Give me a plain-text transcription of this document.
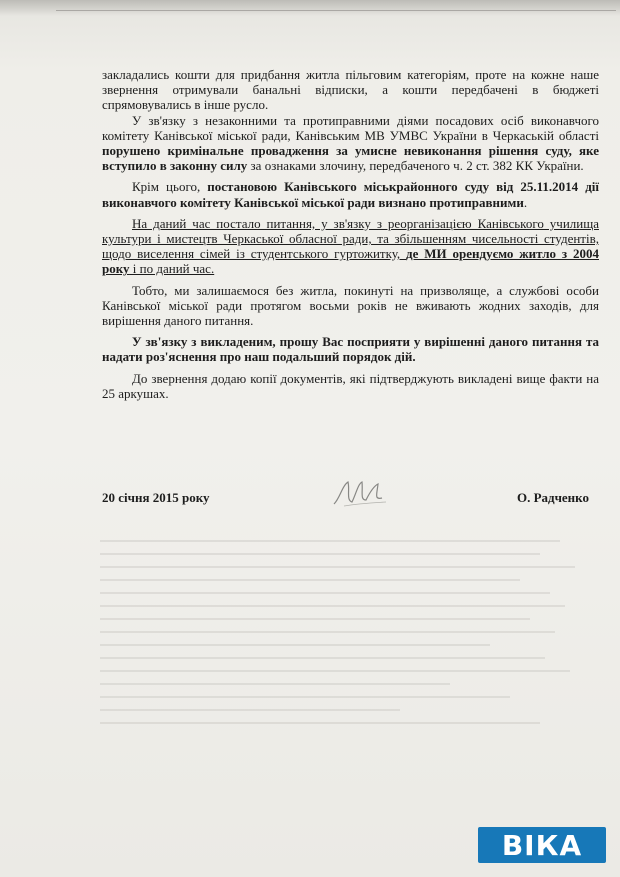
закладались кошти для придбання житла пільговим категоріям, проте на кожне наше звернення отримували банальні відписки, а кошти передбачені в бюджеті спрямовувались в інше русло.

У зв'язку з незаконними та протиправними діями посадових осіб виконавчого комітету Канівської міської ради, Канівським МВ УМВС України в Черкаській області порушено кримінальне провадження за умисне невиконання рішення суду, яке вступило в законну силу за ознаками злочину, передбаченого ч. 2 ст. 382 КК України.

Крім цього, постановою Канівського міськрайонного суду від 25.11.2014 дії виконавчого комітету Канівської міської ради визнано протиправними.

На даний час постало питання, у зв'язку з реорганізацією Канівського училища культури і мистецтв Черкаської обласної ради, та збільшенням чисельності студентів, щодо виселення сімей із студентського гуртожитку, де МИ орендуємо житло з 2004 року і по даний час.

Тобто, ми залишаємося без житла, покинуті на призволяще, а службові особи Канівської міської ради протягом восьми років не вживають жодних заходів, для вирішення даного питання.

У зв'язку з викладеним, прошу Вас посприяти у вирішенні даного питання та надати роз'яснення про наш подальший порядок дій.

До звернення додаю копії документів, які підтверджують викладені вище факти на 25 аркушах.

20 січня 2015 року	О. Радченко
ВІКА
